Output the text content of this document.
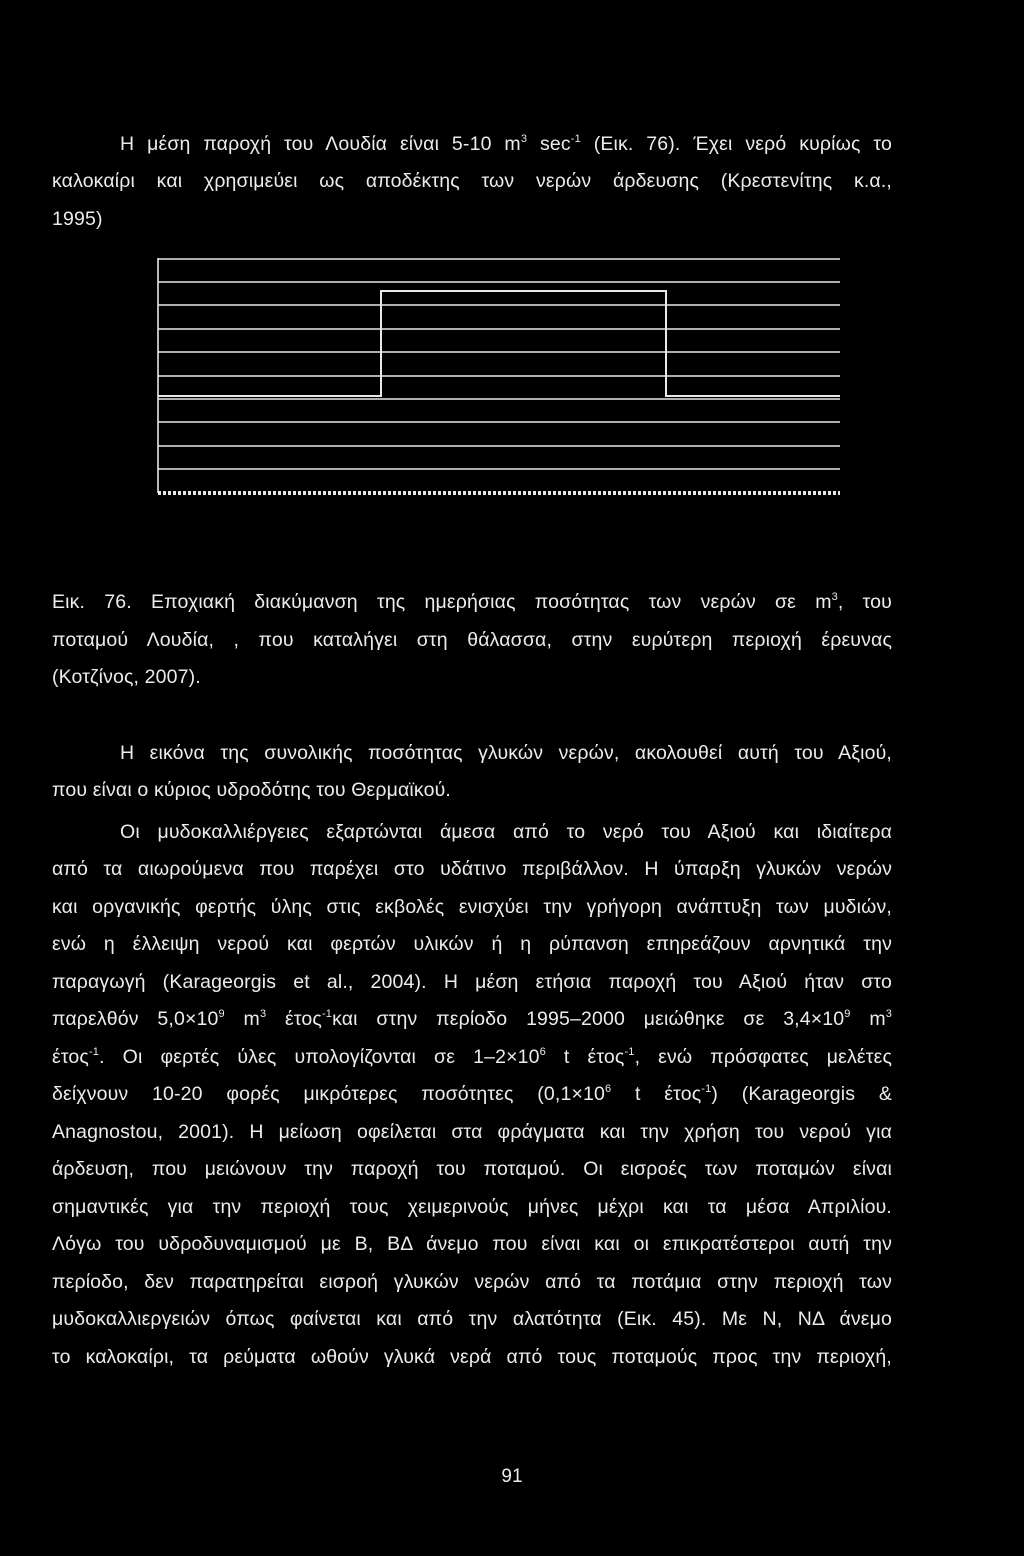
Η μέση παροχή του Λουδία είναι 5-10 $m^3$ $\sec^{-1} (E\iota\kappa$. 76). Έχει νερό κυρίως το

καλοκαίρι και χρησιμεύει ως αποδέκτης των νερών άρδευσης (Κρεστενίτης κ.α.,
1995)

Εικ. 76. Εποχιακή διακύμανση της ημερήσιας ποσότητας των νερών σε $m^3$, του
ποταμού Λουδία, , που καταλήγει στη θάλασσα, στην ευρύτερη περιοχή έρευνας
(Κοτζίνος, 2007).

Η εικόνα της συνολικής ποσότητας γλυκών νερών, ακολουθεί αυτή του Αξιού,

που είναι ο κύριος υδροδότης του Θερμαϊκού.

Οι μυδοκαλλιέργειες εξαρτώνται άμεσα από το νερό του Αξιού και ιδιαίτερα

από τα αιωρούμενα που παρέχει στο υδάτινο περιβάλλον. Η ύπαρξη γλυκών νερών
και οργανικής φερτής ύλης στις εκβολές ενισχύει την γρήγορη ανάπτυξη των μυδιών,
ενώ η έλλειψη νερού και φερτών υλικών ή η ρύπανση επηρεάζουν αρνητικά την
παραγωγή (Karageorgis et al., 2004). Η μέση ετήσια παροχή του Αξιού ήταν στο
παρελθόν $5,0\times 10^9$ $m^3$ έτος$^{-1}$και στην περίοδο 1995–2000 μειώθηκε σε $3,4\times 10^9$ $m^3$
έτος$^{-1}$. Οι φερτές ύλες υπολογίζονται σε $1-2\times 10^6$ t έτος$^{-1}$, ενώ πρόσφατες μελέτες
δείχνουν 10-20 φορές μικρότερες ποσότητες ($0,1\times 10^6$ t έτος$^{-1}$) (Karageorgis &
Anagnostou, 2001). Η μείωση οφείλεται στα φράγματα και την χρήση του νερού για
άρδευση, που μειώνουν την παροχή του ποταμού. Οι εισροές των ποταμών είναι
σημαντικές για την περιοχή τους χειμερινούς μήνες μέχρι και τα μέσα Απριλίου.
Λόγω του υδροδυναμισμού με Β, ΒΔ άνεμο που είναι και οι επικρατέστεροι αυτή την
περίοδο, δεν παρατηρείται εισροή γλυκών νερών από τα ποτάμια στην περιοχή των
μυδοκαλλιεργειών όπως φαίνεται και από την αλατότητα (Εικ. 45). Με Ν, ΝΔ άνεμο
το καλοκαίρι, τα ρεύματα ωθούν γλυκά νερά από τους ποταμούς προς την περιοχή,

91
